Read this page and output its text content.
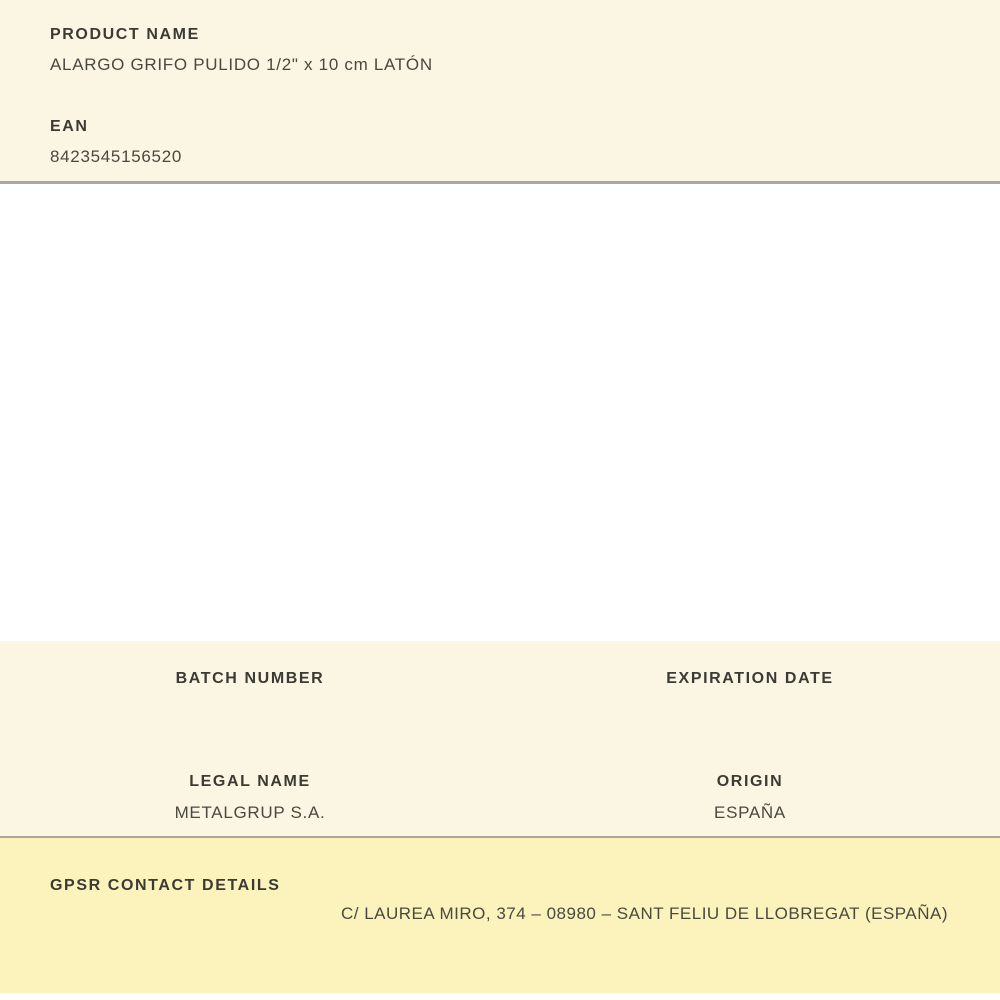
PRODUCT NAME
ALARGO GRIFO PULIDO 1/2" x 10 cm LATÓN
EAN
8423545156520
BATCH NUMBER	EXPIRATION DATE
LEGAL NAME
METALGRUP S.A.
ORIGIN
ESPAÑA
GPSR CONTACT DETAILS
C/ LAUREA MIRO, 374 – 08980 – SANT FELIU DE LLOBREGAT (ESPAÑA)
